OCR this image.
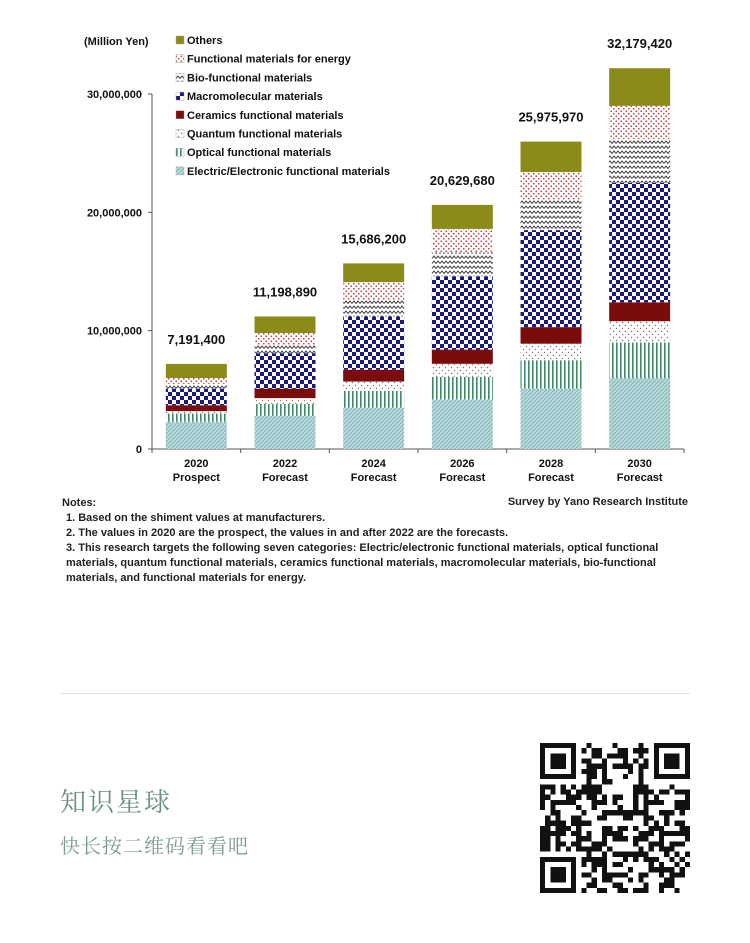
(Million Yen)
0
10,000,000
20,000,000
30,000,000
7,191,400
11,198,890
15,686,200
20,629,680
25,975,970
32,179,420
2020 Prospect
2022 Forecast
2024 Forecast
2026 Forecast
2028 Forecast
2030 Forecast
Others
Functional materials for energy
Bio-functional materials
Macromolecular materials
Ceramics functional materials
Quantum functional materials
Optical functional materials
Electric/Electronic functional materials
Notes:
1. Based on the shiment values at manufacturers.
2. The values in 2020 are the prospect, the values in and after 2022 are the forecasts.
3. This research targets the following seven categories: Electric/electronic functional materials, optical functional materials, quantum functional materials, ceramics functional materials, macromolecular materials, bio-functional materials, and functional materials for energy.
Survey by Yano Research Institute
知识星球
快长按二维码看看吧
